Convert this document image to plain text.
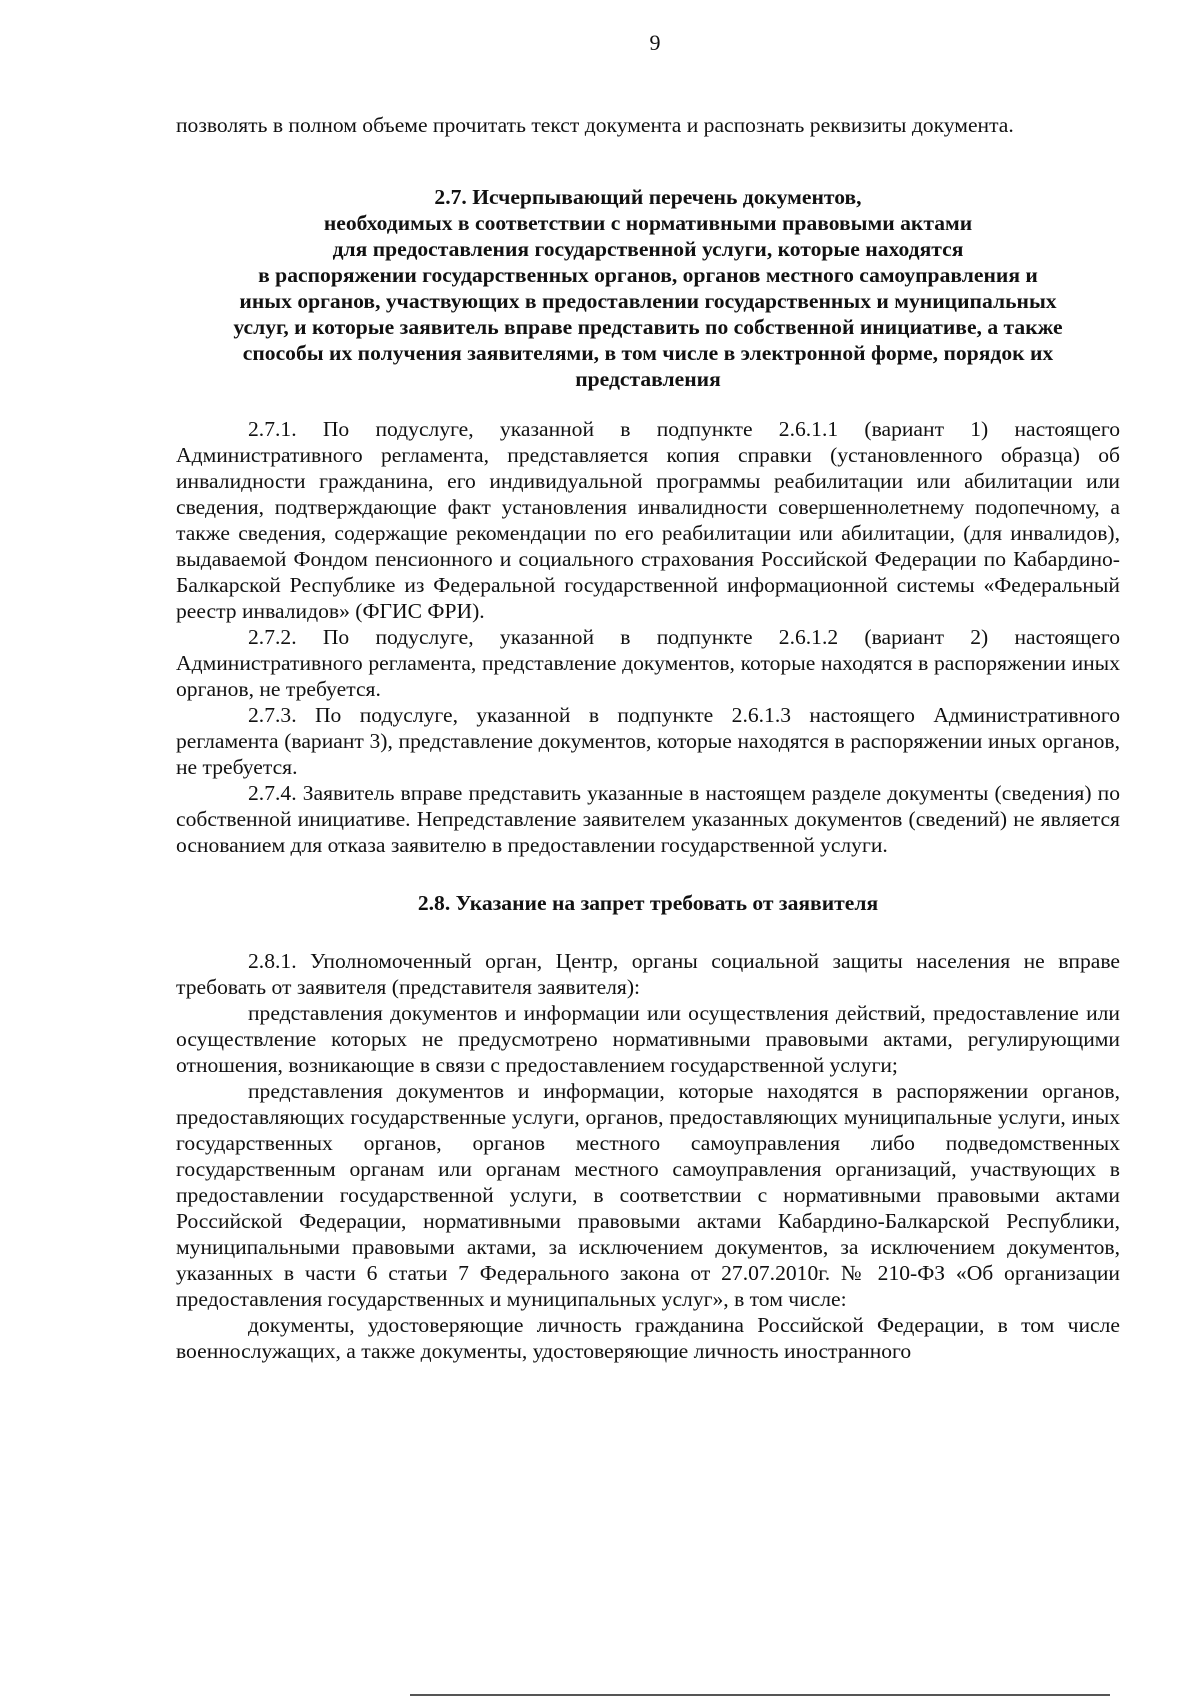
9

позволять в полном объеме прочитать текст документа и распознать реквизиты документа.

2.7. Исчерпывающий перечень документов,
необходимых в соответствии с нормативными правовыми актами
для предоставления государственной услуги, которые находятся
в распоряжении государственных органов, органов местного самоуправления и
иных органов, участвующих в предоставлении государственных и муниципальных
услуг, и которые заявитель вправе представить по собственной инициативе, а также
способы их получения заявителями, в том числе в электронной форме, порядок их
представления

2.7.1. По подуслуге, указанной в подпункте 2.6.1.1 (вариант 1) настоящего Административного регламента, представляется копия справки (установленного образца) об инвалидности гражданина, его индивидуальной программы реабилитации или абилитации или сведения, подтверждающие факт установления инвалидности совершеннолетнему подопечному, а также сведения, содержащие рекомендации по его реабилитации или абилитации, (для инвалидов), выдаваемой Фондом пенсионного и социального страхования Российской Федерации по Кабардино-Балкарской Республике из Федеральной государственной информационной системы «Федеральный реестр инвалидов» (ФГИС ФРИ).

2.7.2. По подуслуге, указанной в подпункте 2.6.1.2 (вариант 2) настоящего Административного регламента, представление документов, которые находятся в распоряжении иных органов, не требуется.

2.7.3. По подуслуге, указанной в подпункте 2.6.1.3 настоящего Административного регламента (вариант 3), представление документов, которые находятся в распоряжении иных органов, не требуется.

2.7.4. Заявитель вправе представить указанные в настоящем разделе документы (сведения) по собственной инициативе. Непредставление заявителем указанных документов (сведений) не является основанием для отказа заявителю в предоставлении государственной услуги.

2.8. Указание на запрет требовать от заявителя

2.8.1. Уполномоченный орган, Центр, органы социальной защиты населения не вправе требовать от заявителя (представителя заявителя):

представления документов и информации или осуществления действий, предоставление или осуществление которых не предусмотрено нормативными правовыми актами, регулирующими отношения, возникающие в связи с предоставлением государственной услуги;

представления документов и информации, которые находятся в распоряжении органов, предоставляющих государственные услуги, органов, предоставляющих муниципальные услуги, иных государственных органов, органов местного самоуправления либо подведомственных государственным органам или органам местного самоуправления организаций, участвующих в предоставлении государственной услуги, в соответствии с нормативными правовыми актами Российской Федерации, нормативными правовыми актами Кабардино-Балкарской Республики, муниципальными правовыми актами, за исключением документов, за исключением документов, указанных в части 6 статьи 7 Федерального закона от 27.07.2010г. № 210-ФЗ «Об организации предоставления государственных и муниципальных услуг», в том числе:

документы, удостоверяющие личность гражданина Российской Федерации, в том числе военнослужащих, а также документы, удостоверяющие личность иностранного
